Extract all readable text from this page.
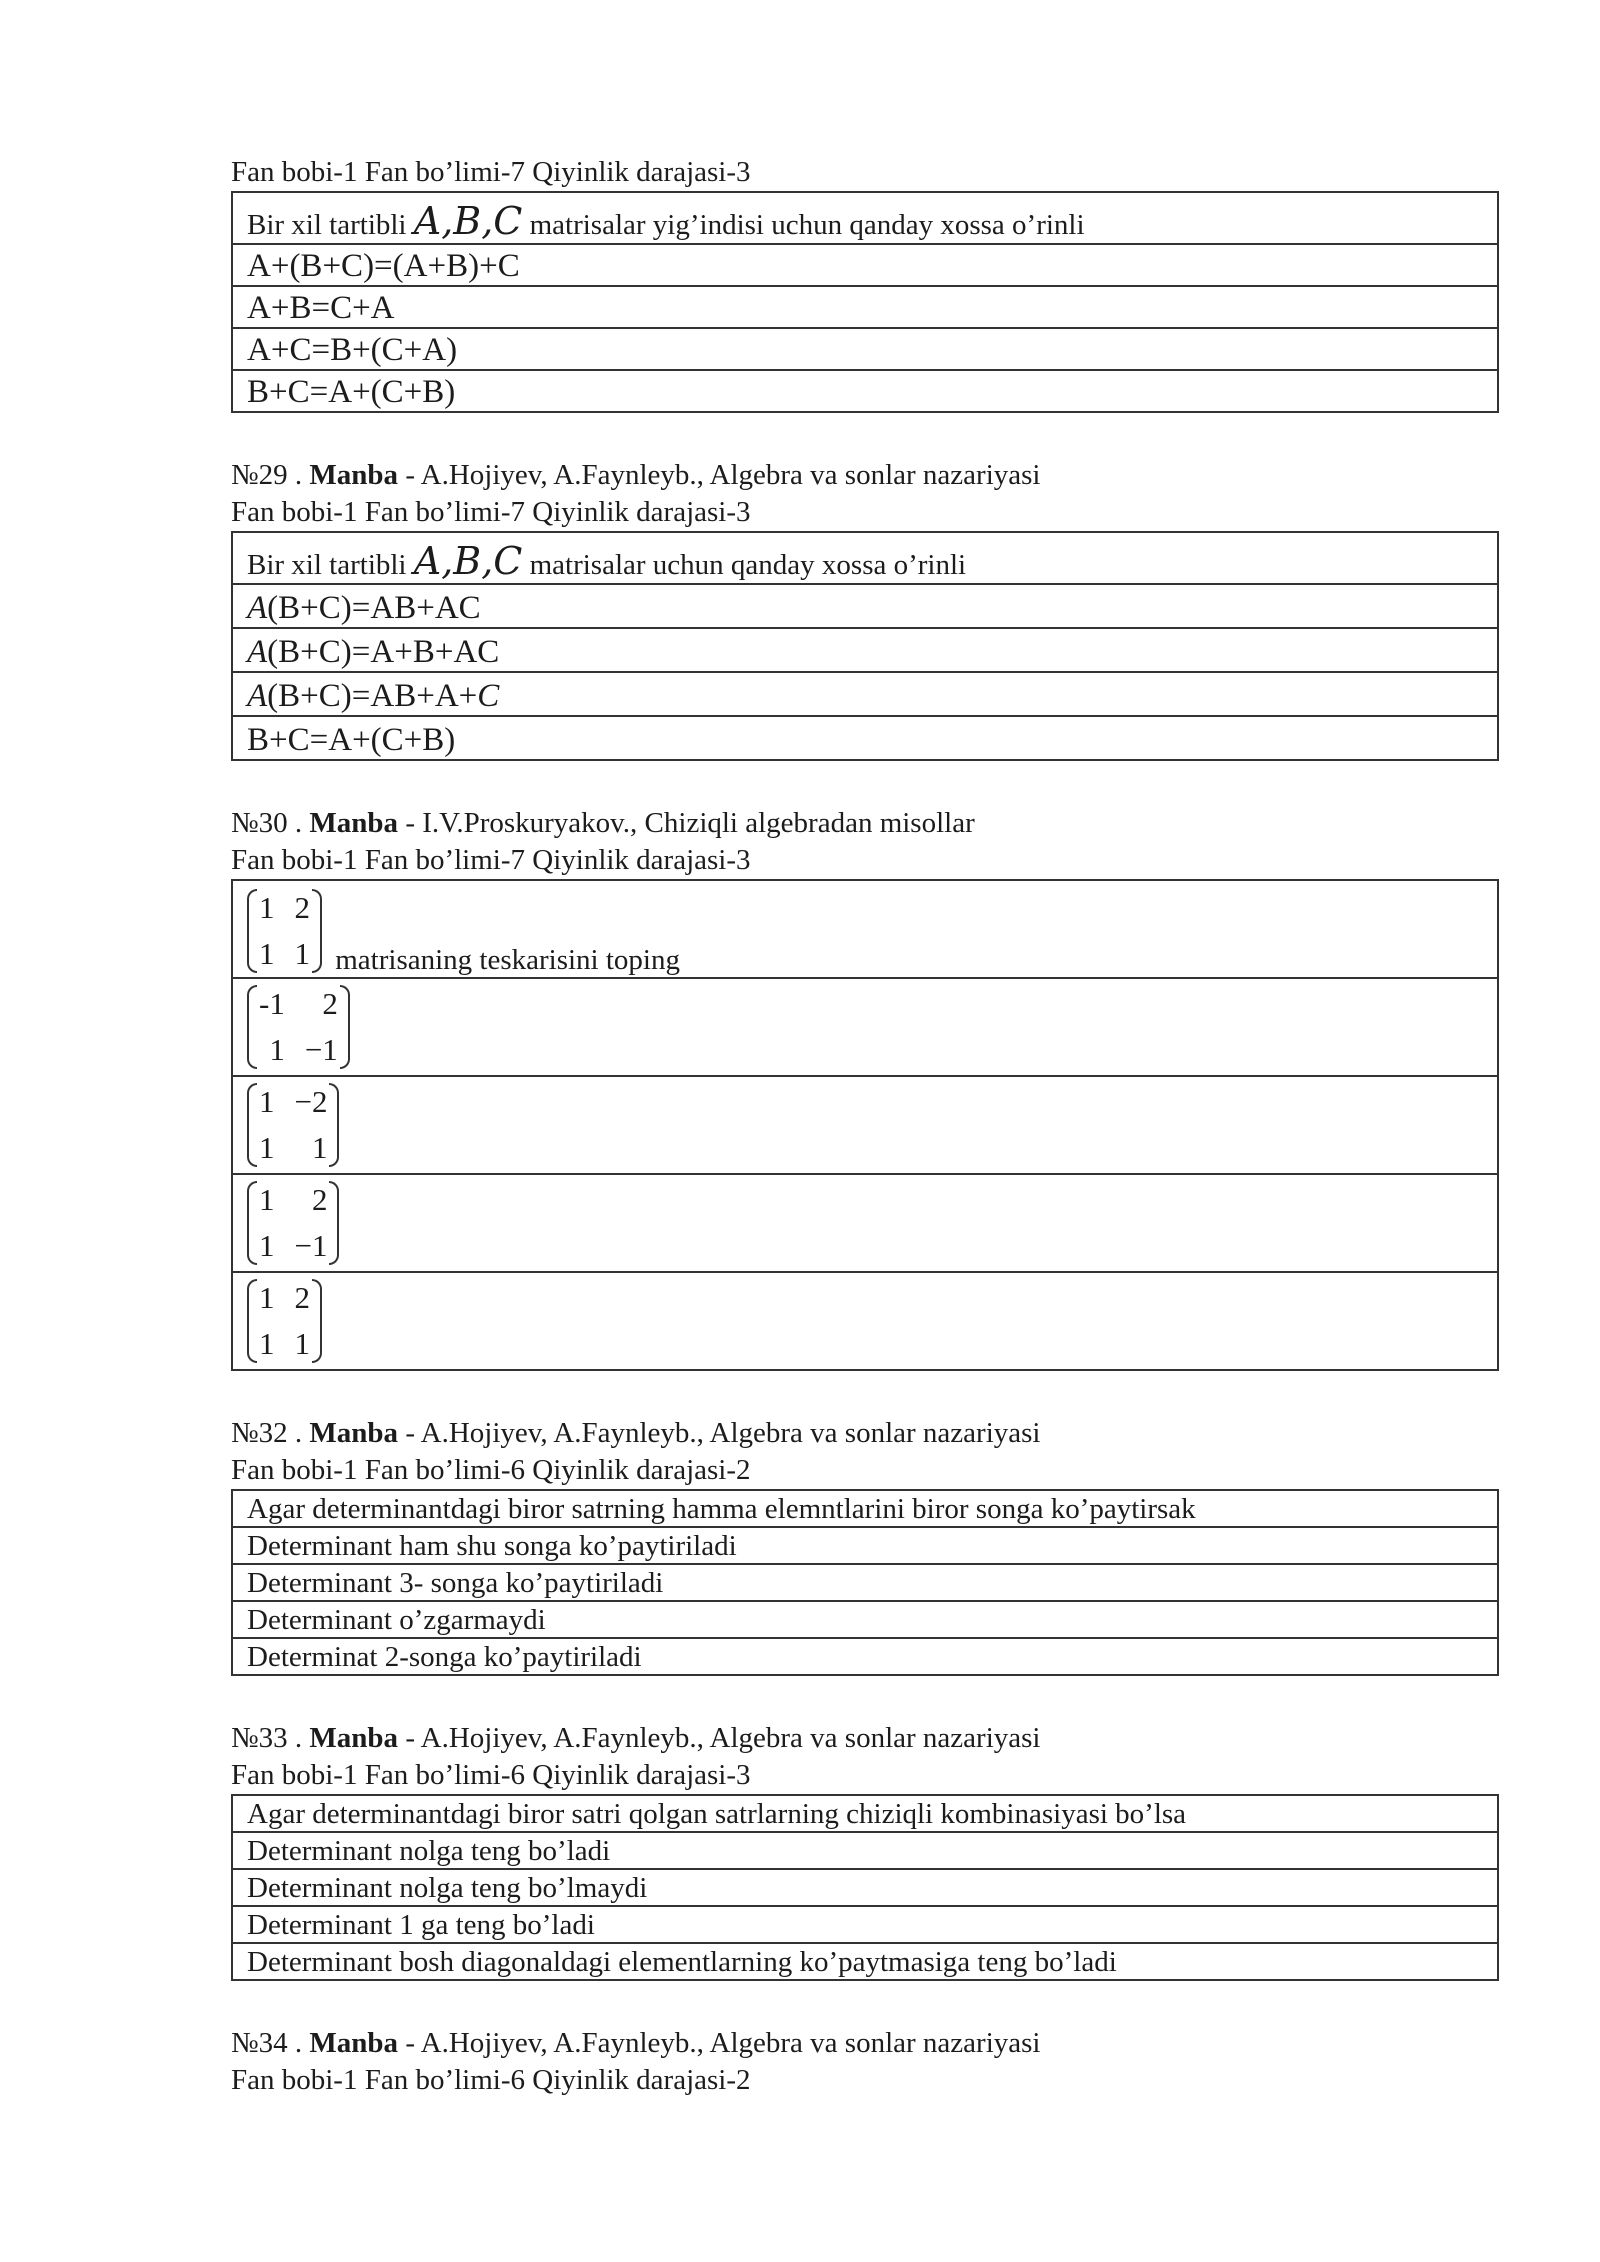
Fan bobi-1 Fan bo’limi-7 Qiyinlik darajasi-3
Bir xil tartibli A,B,C matrisalar yig’indisi uchun qanday xossa o’rinli
A+(B+C)=(A+B)+C
A+B=C+A
A+C=B+(C+A)
B+C=A+(C+B)
№29 . Manba - A.Hojiyev, A.Faynleyb., Algebra va sonlar nazariyasi
Fan bobi-1 Fan bo’limi-7 Qiyinlik darajasi-3
Bir xil tartibli A,B,C matrisalar uchun qanday xossa o’rinli
A(B+C)=AB+AC
A(B+C)=A+B+AC
A(B+C)=AB+A+C
B+C=A+(C+B)
№30 . Manba - I.V.Proskuryakov., Chiziqli algebradan misollar
Fan bobi-1 Fan bo’limi-7 Qiyinlik darajasi-3
1 2
1 1 matrisaning teskarisini toping

-1	2
1 −1

1 −2
1	1

1	2
1 −1

1 2
1 1
№32 . Manba - A.Hojiyev, A.Faynleyb., Algebra va sonlar nazariyasi
Fan bobi-1 Fan bo’limi-6 Qiyinlik darajasi-2
Agar determinantdagi biror satrning hamma elemntlarini biror songa ko’paytirsak
Determinant ham shu songa ko’paytiriladi
Determinant 3- songa ko’paytiriladi
Determinant o’zgarmaydi
Determinat 2-songa ko’paytiriladi
№33 . Manba - A.Hojiyev, A.Faynleyb., Algebra va sonlar nazariyasi
Fan bobi-1 Fan bo’limi-6 Qiyinlik darajasi-3
Agar determinantdagi biror satri qolgan satrlarning chiziqli kombinasiyasi bo’lsa
Determinant nolga teng bo’ladi
Determinant nolga teng bo’lmaydi
Determinant 1 ga teng bo’ladi
Determinant bosh diagonaldagi elementlarning ko’paytmasiga teng bo’ladi
№34 . Manba - A.Hojiyev, A.Faynleyb., Algebra va sonlar nazariyasi
Fan bobi-1 Fan bo’limi-6 Qiyinlik darajasi-2
